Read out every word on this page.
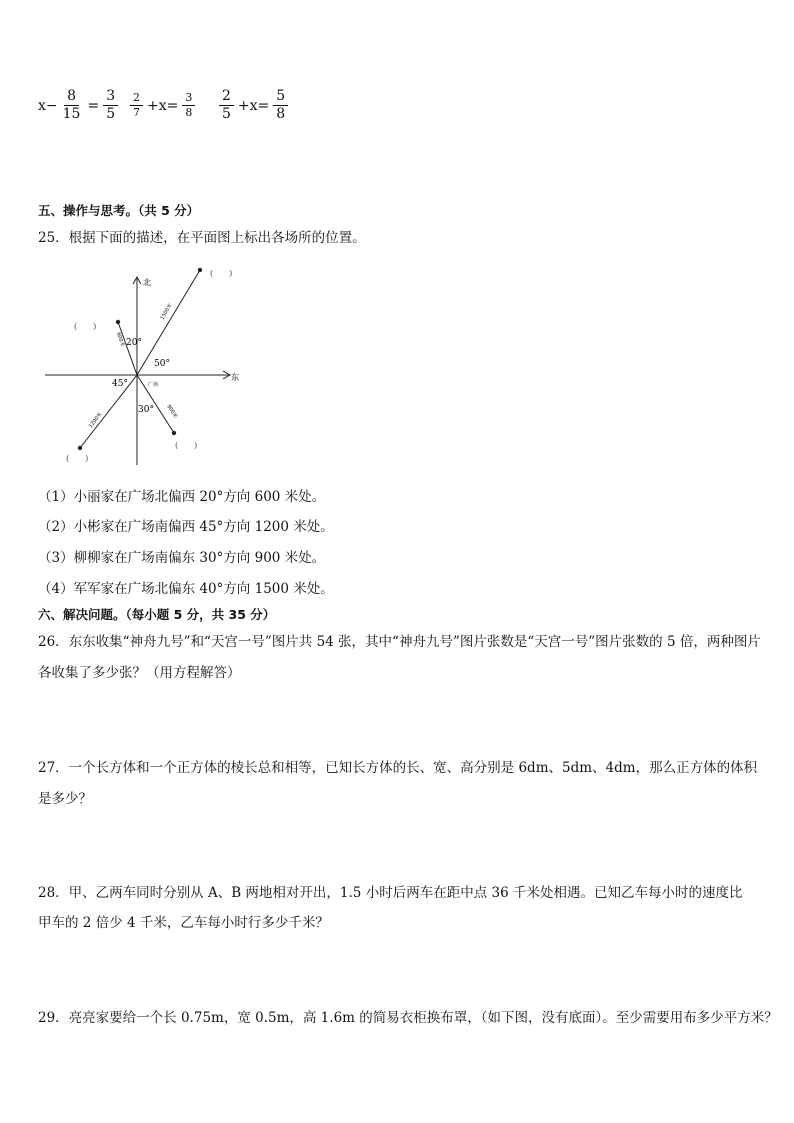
$x- \frac{8}{15} = \frac{3}{5} \frac{2}{7} +x= \frac{3}{8} \frac{2}{5} +x= \frac{5}{8}$
五、操作与思考。（共 5 分）
25．根据下面的描述，在平面图上标出各场所的位置。
北
东
20°
50°
45°
30°
广场
600米
1500米
1200米
900米
(　　)
(　　)
(　　)
(　　)
（1）小丽家在广场北偏西 20°方向 600 米处。
（2）小彬家在广场南偏西 45°方向 1200 米处。
（3）柳柳家在广场南偏东 30°方向 900 米处。
（4）军军家在广场北偏东 40°方向 1500 米处。
六、解决问题。（每小题 5 分，共 35 分）
26．东东收集“神舟九号”和“天宫一号”图片共 54 张，其中“神舟九号”图片张数是“天宫一号”图片张数的 5 倍，两种图片
各收集了多少张？（用方程解答）
27．一个长方体和一个正方体的棱长总和相等，已知长方体的长、宽、高分别是 6dm、5dm、4dm，那么正方体的体积
是多少？
28．甲、乙两车同时分别从 A、B 两地相对开出，1.5 小时后两车在距中点 36 千米处相遇。已知乙车每小时的速度比
甲车的 2 倍少 4 千米，乙车每小时行多少千米？
29．亮亮家要给一个长 0.75m，宽 0.5m，高 1.6m 的简易衣柜换布罩，（如下图，没有底面）。至少需要用布多少平方米？
